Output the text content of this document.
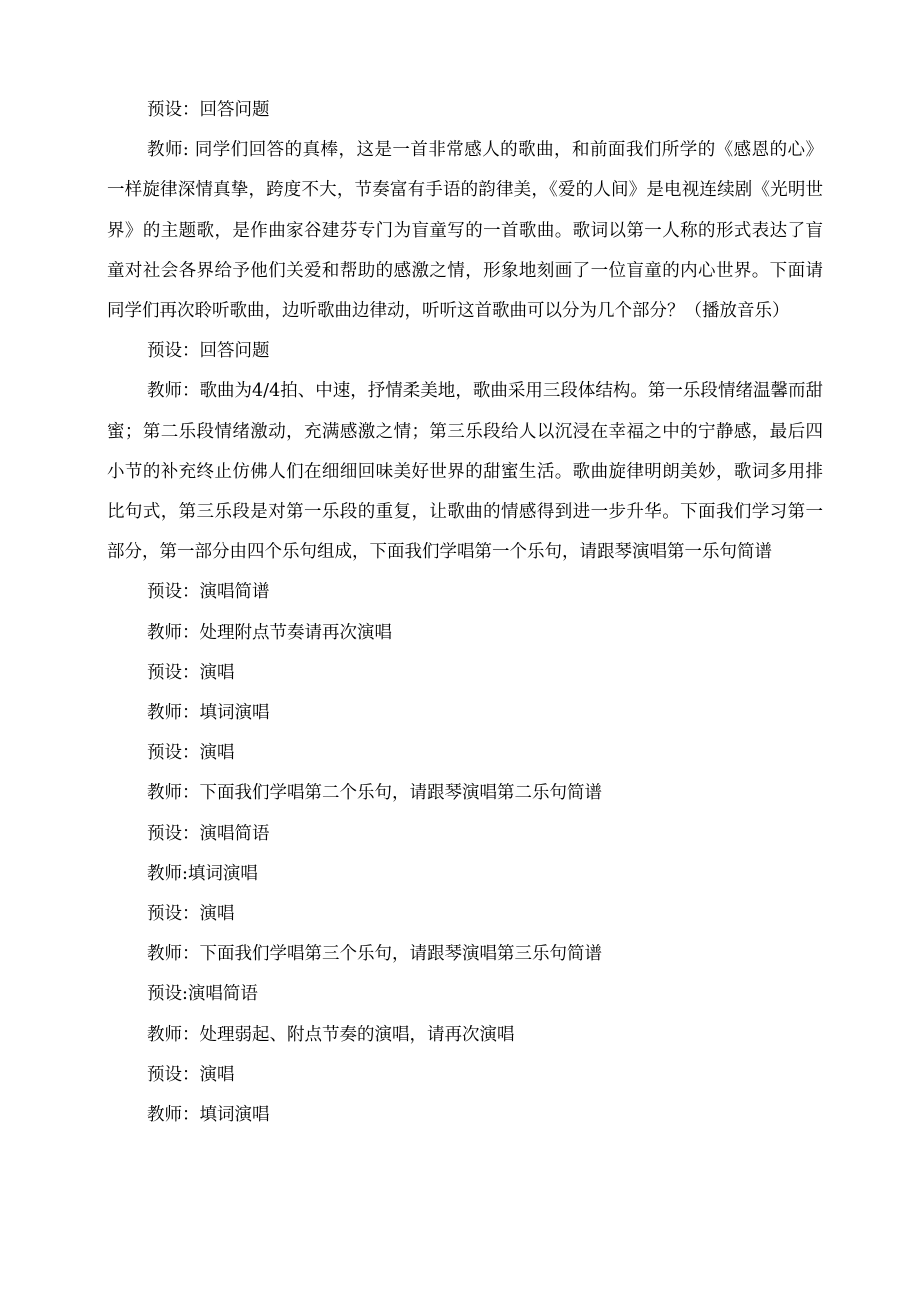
预设：回答问题

教师: 同学们回答的真棒，这是一首非常感人的歌曲，和前面我们所学的《感恩的心》一样旋律深情真挚，跨度不大，节奏富有手语的韵律美，《爱的人间》是电视连续剧《光明世界》的主题歌，是作曲家谷建芬专门为盲童写的一首歌曲。歌词以第一人称的形式表达了盲童对社会各界给予他们关爱和帮助的感激之情，形象地刻画了一位盲童的内心世界。下面请同学们再次聆听歌曲，边听歌曲边律动，听听这首歌曲可以分为几个部分？（播放音乐）

预设：回答问题

教师：歌曲为4/4拍、中速，抒情柔美地，歌曲采用三段体结构。第一乐段情绪温馨而甜蜜；第二乐段情绪激动，充满感激之情；第三乐段给人以沉浸在幸福之中的宁静感，最后四小节的补充终止仿佛人们在细细回味美好世界的甜蜜生活。歌曲旋律明朗美妙，歌词多用排比句式，第三乐段是对第一乐段的重复，让歌曲的情感得到进一步升华。下面我们学习第一部分，第一部分由四个乐句组成，下面我们学唱第一个乐句，请跟琴演唱第一乐句简谱

预设：演唱简谱

教师：处理附点节奏请再次演唱

预设：演唱

教师：填词演唱

预设：演唱

教师：下面我们学唱第二个乐句，请跟琴演唱第二乐句简谱

预设：演唱简语

教师:填词演唱

预设：演唱

教师：下面我们学唱第三个乐句，请跟琴演唱第三乐句简谱

预设:演唱简语

教师：处理弱起、附点节奏的演唱，请再次演唱

预设：演唱

教师：填词演唱
